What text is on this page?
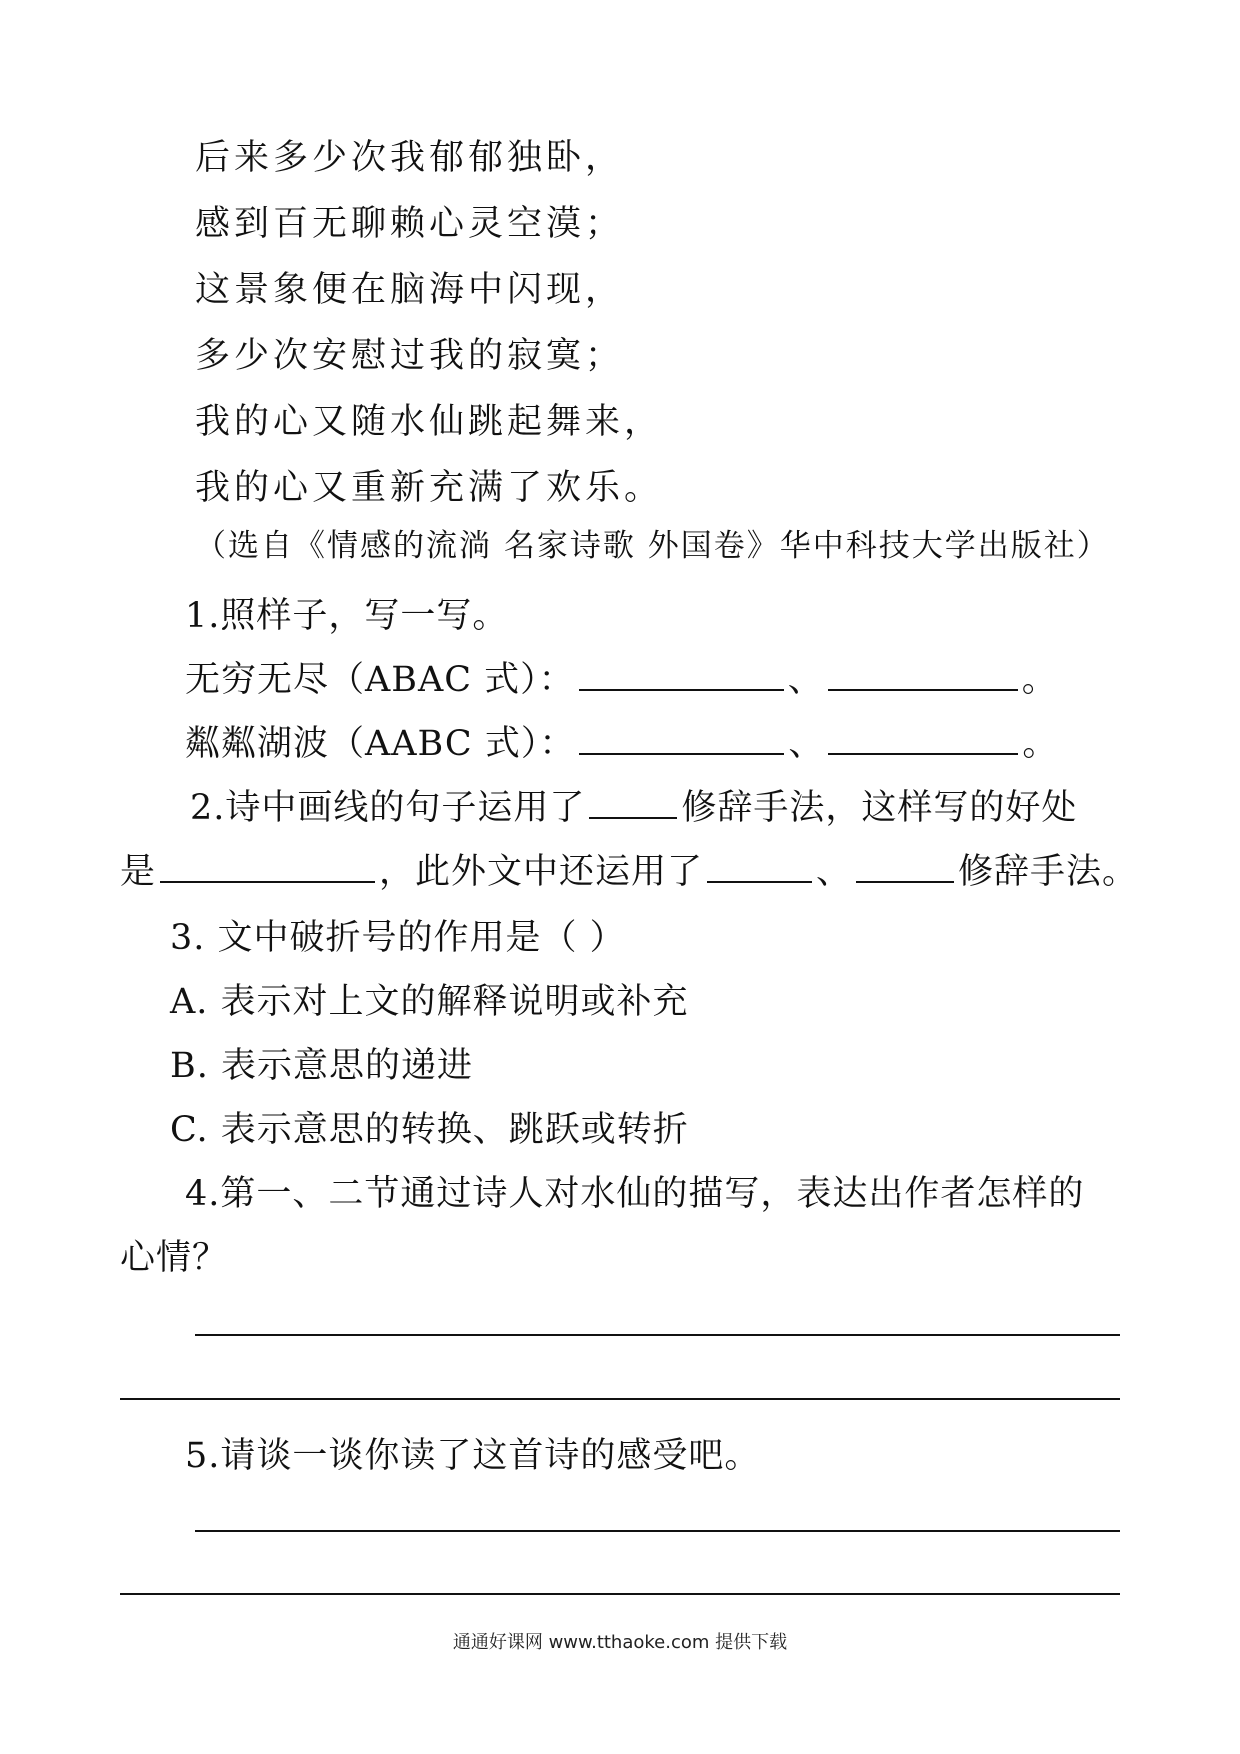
后来多少次我郁郁独卧，
感到百无聊赖心灵空漠；
这景象便在脑海中闪现，
多少次安慰过我的寂寞；
我的心又随水仙跳起舞来，
我的心又重新充满了欢乐。
（选自《情感的流淌 名家诗歌 外国卷》华中科技大学出版社）
1.照样子，写一写。
无穷无尽（ABAC 式）：	、	。
粼粼湖波（AABC 式）：	、	。
2.诗中画线的句子运用了	修辞手法，这样写的好处
是	，此外文中还运用了	、	修辞手法。
3. 文中破折号的作用是（ ）
A. 表示对上文的解释说明或补充
B. 表示意思的递进
C. 表示意思的转换、跳跃或转折
4.第一、二节通过诗人对水仙的描写，表达出作者怎样的
心情？
5.请谈一谈你读了这首诗的感受吧。
通通好课网 www.tthaoke.com 提供下载
